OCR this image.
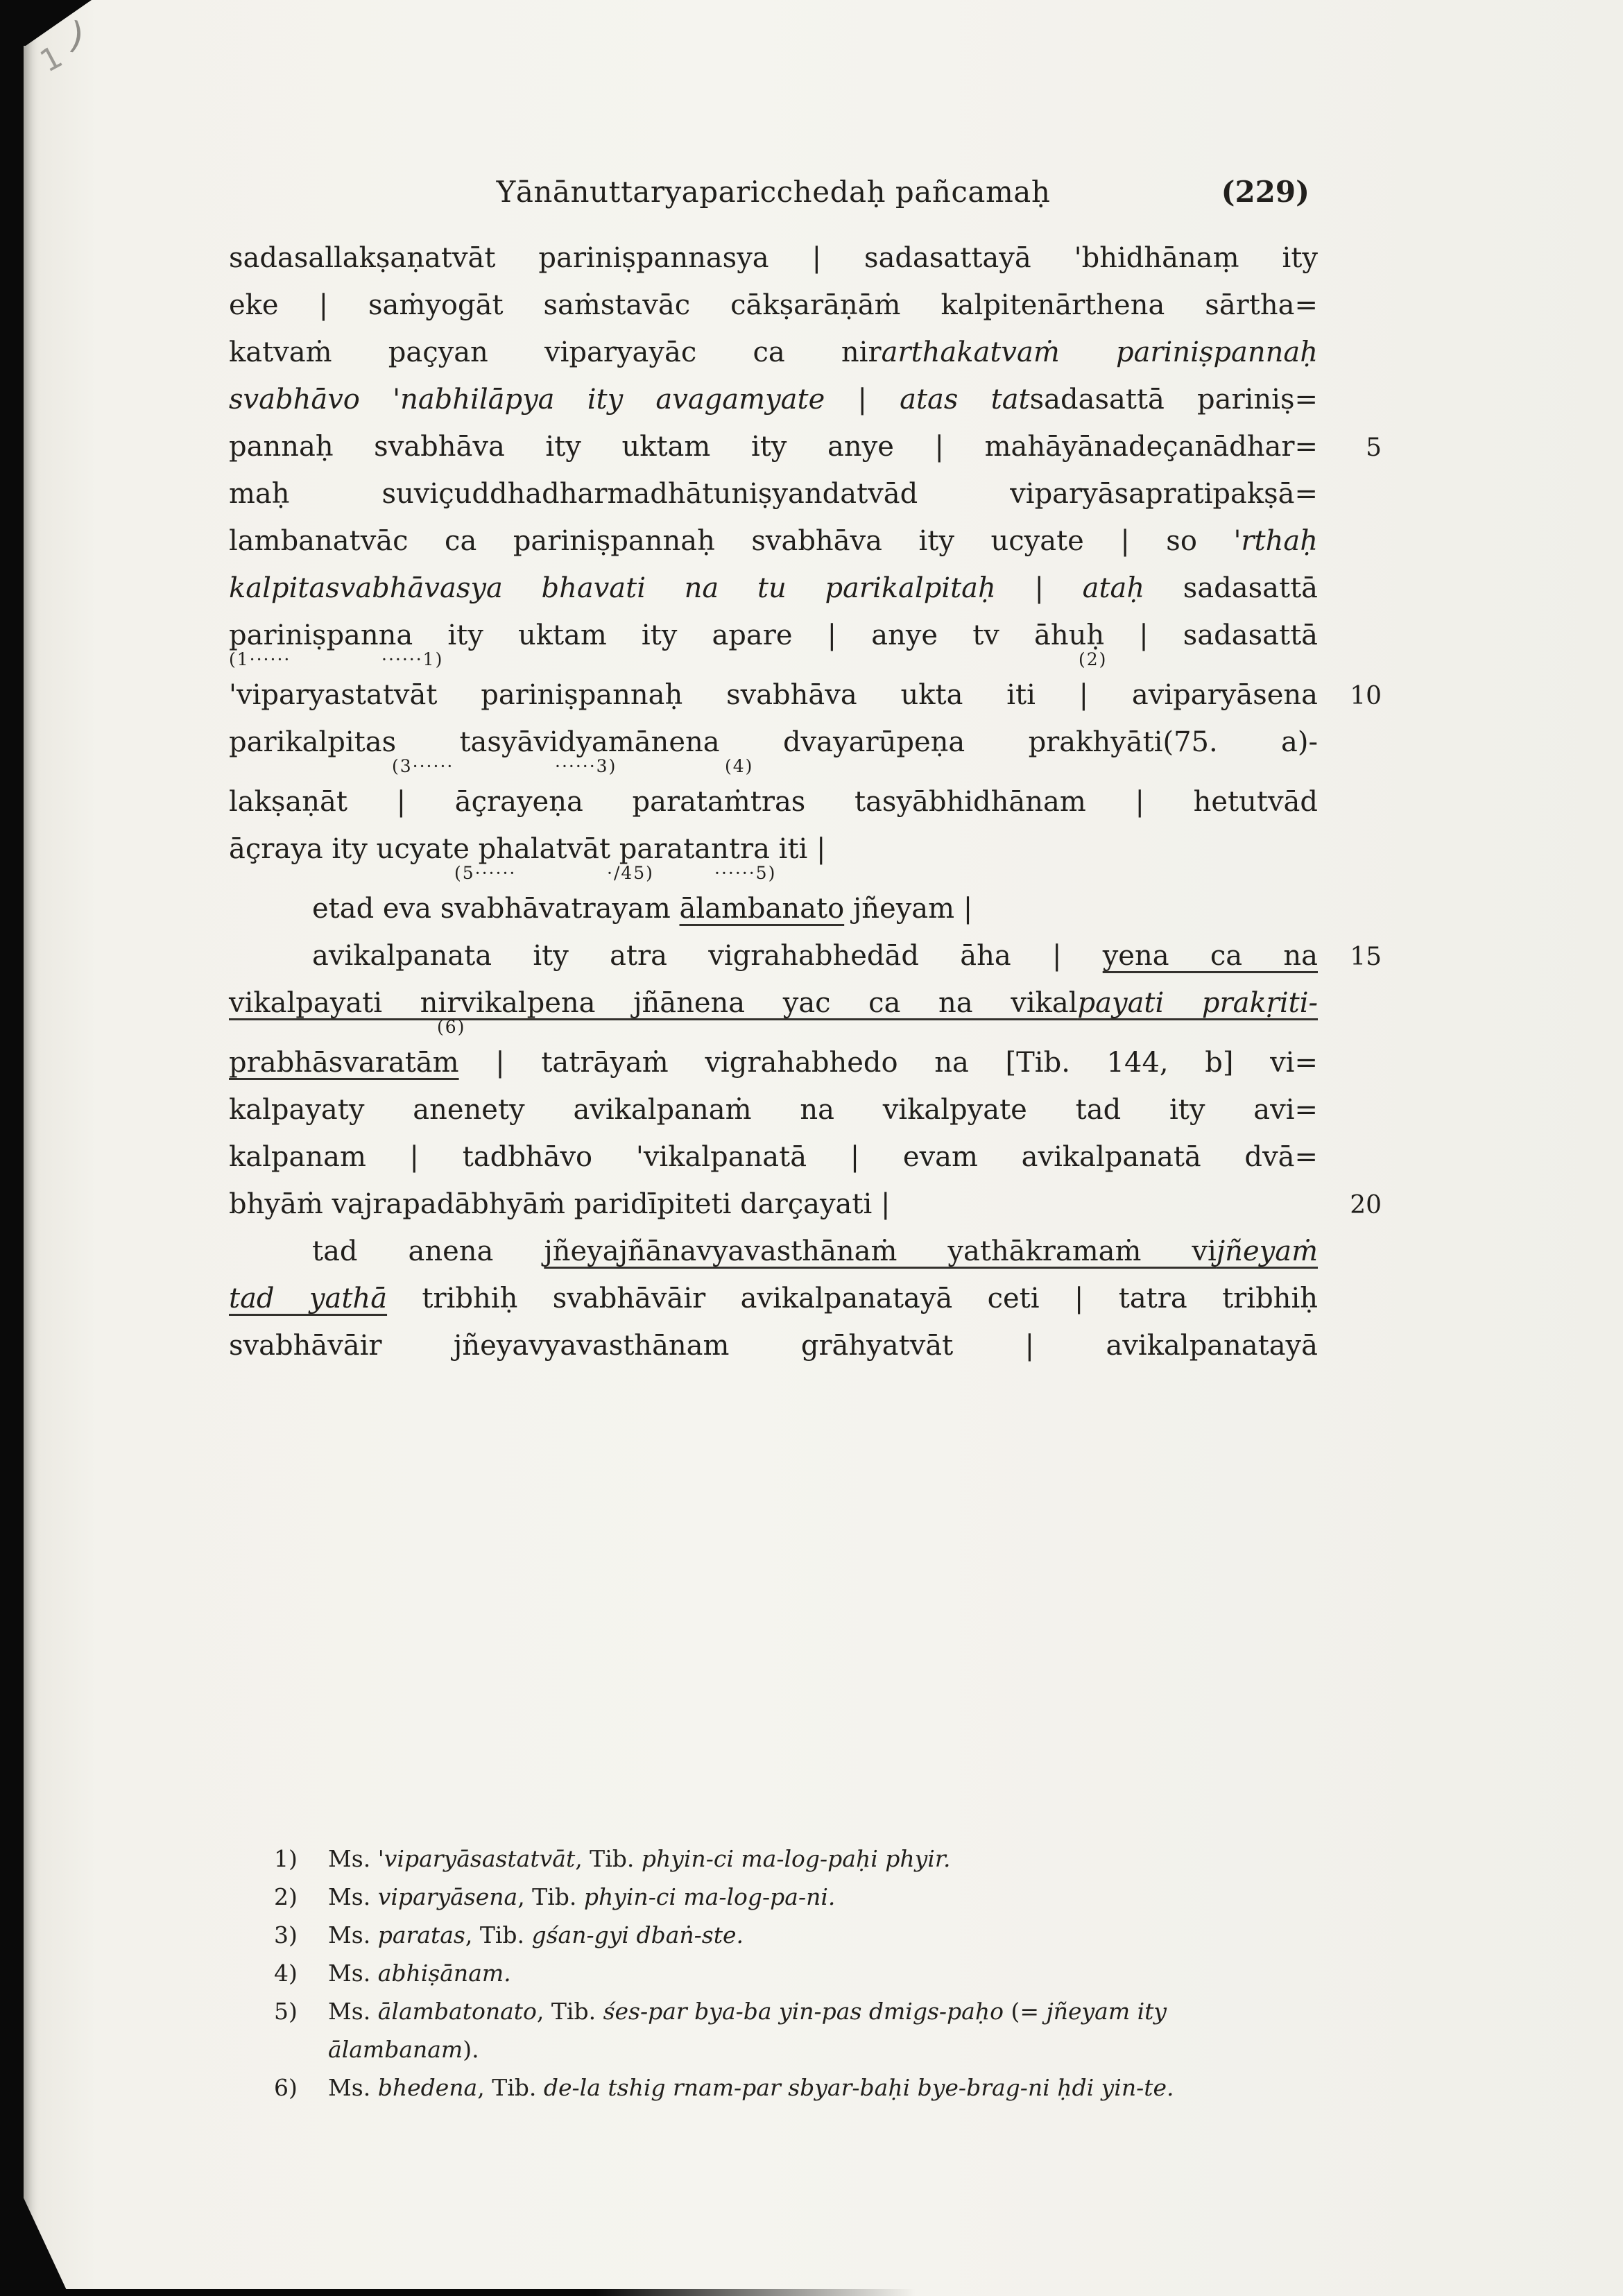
)
1
Yānānuttaryaparicchedaḥ pañcamaḥ	(229)
sadasallakṣaṇatvāt pariniṣpannasya | sadasattayā 'bhidhānaṃ ity
eke | saṁyogāt saṁstavāc cākṣarāṇāṁ kalpitenārthena sārtha=
katvaṁ paçyan viparyayāc ca nirarthakatvaṁ pariniṣpannaḥ
svabhāvo 'nabhilāpya ity avagamyate | atas tatsadasattā pariniṣ=
pannaḥ svabhāva ity uktam ity anye | mahāyānadeçanādhar= 5
maḥ suviçuddhadharmadhātuniṣyandatvād viparyāsapratipakṣā=
lambanatvāc ca pariniṣpannaḥ svabhāva ity ucyate | so 'rthaḥ
kalpitasvabhāvasya bhavati na tu parikalpitaḥ | ataḥ sadasattā
pariniṣpanna ity uktam ity apare | anye tv āhuḥ | sadasattā
(1······	······1)	(2)
'viparyastatvāt pariniṣpannaḥ svabhāva ukta iti | aviparyāsena 10
parikalpitas tasyāvidyamānena dvayarūpeṇa prakhyāti(75. a)-
(3······	······3)	(4)
lakṣaṇāt | āçrayeṇa parataṁtras tasyābhidhānam | hetutvād
āçraya ity ucyate phalatvāt paratantra iti |
(5······	·/45)	······5)
etad eva svabhāvatrayam ālambanato jñeyam |
avikalpanata ity atra vigrahabhedād āha | yena ca na 15
vikalpayati nirvikalpena jñānena yac ca na vikalpayati prakṛiti-
(6)
prabhāsvaratām | tatrāyaṁ vigrahabhedo na [Tib. 144, b] vi=
kalpayaty anenety avikalpanaṁ na vikalpyate tad ity avi=
kalpanam | tadbhāvo 'vikalpanatā | evam avikalpanatā dvā=
bhyāṁ vajrapadābhyāṁ paridīpiteti darçayati |	20
tad anena jñeyajñānavyavasthānaṁ yathākramaṁ vijñeyaṁ
tad yathā tribhiḥ svabhāvāir avikalpanatayā ceti | tatra tribhiḥ
svabhāvāir jñeyavyavasthānam grāhyatvāt | avikalpanatayā
1)	Ms. 'viparyāsastatvāt, Tib. phyin-ci ma-log-paḥi phyir.
2)	Ms. viparyāsena, Tib. phyin-ci ma-log-pa-ni.
3)	Ms. paratas, Tib. gśan-gyi dbaṅ-ste.
4)	Ms. abhiṣānam.
5)	Ms. ālambatonato, Tib. śes-par bya-ba yin-pas dmigs-paḥo (= jñeyam ity
ālambanam).
6)	Ms. bhedena, Tib. de-la tshig rnam-par sbyar-baḥi bye-brag-ni ḥdi yin-te.
